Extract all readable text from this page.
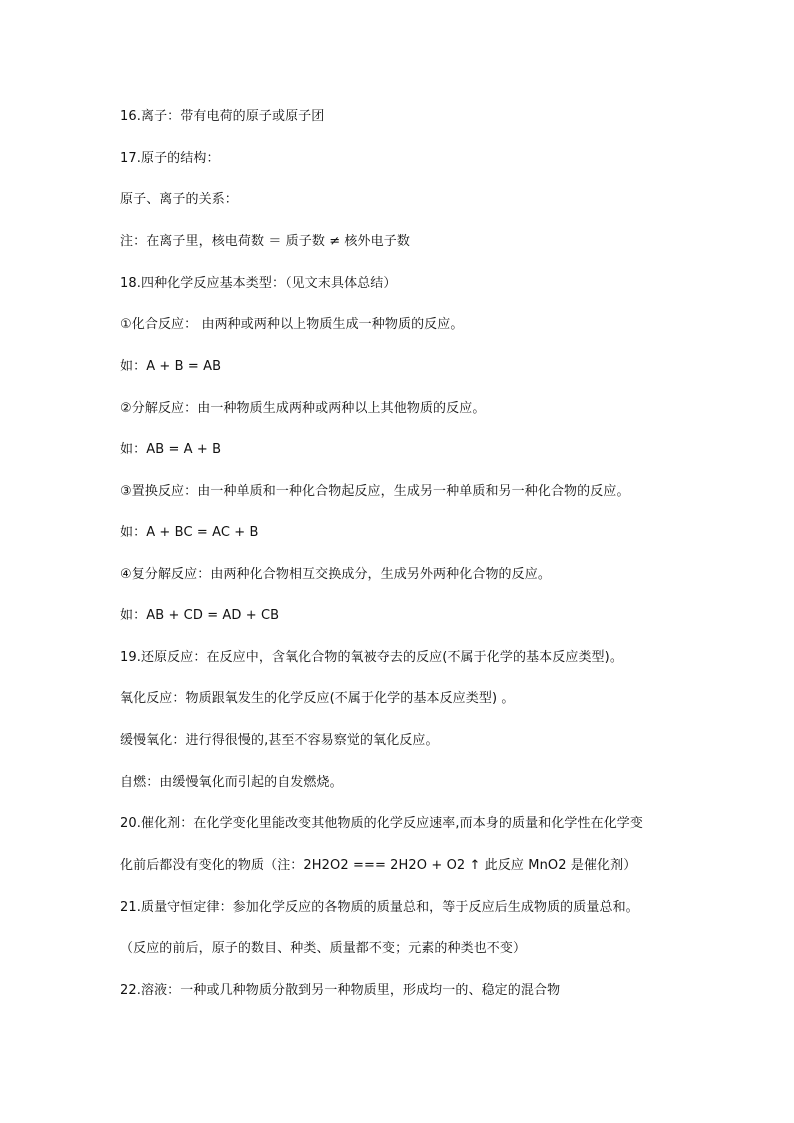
16.离子：带有电荷的原子或原子团
17.原子的结构：
原子、离子的关系：
注：在离子里，核电荷数 ＝ 质子数 ≠ 核外电子数
18.四种化学反应基本类型：（见文末具体总结）
①化合反应： 由两种或两种以上物质生成一种物质的反应。
如：A + B = AB
②分解反应：由一种物质生成两种或两种以上其他物质的反应。
如：AB = A + B
③置换反应：由一种单质和一种化合物起反应，生成另一种单质和另一种化合物的反应。
如：A + BC = AC + B
④复分解反应：由两种化合物相互交换成分，生成另外两种化合物的反应。
如：AB + CD = AD + CB
19.还原反应：在反应中，含氧化合物的氧被夺去的反应(不属于化学的基本反应类型)。
氧化反应：物质跟氧发生的化学反应(不属于化学的基本反应类型) 。
缓慢氧化：进行得很慢的,甚至不容易察觉的氧化反应。
自燃：由缓慢氧化而引起的自发燃烧。
20.催化剂：在化学变化里能改变其他物质的化学反应速率,而本身的质量和化学性在化学变
化前后都没有变化的物质（注：2H2O2 === 2H2O + O2 ↑ 此反应 MnO2 是催化剂）
21.质量守恒定律：参加化学反应的各物质的质量总和，等于反应后生成物质的质量总和。
（反应的前后，原子的数目、种类、质量都不变；元素的种类也不变）
22.溶液：一种或几种物质分散到另一种物质里，形成均一的、稳定的混合物
